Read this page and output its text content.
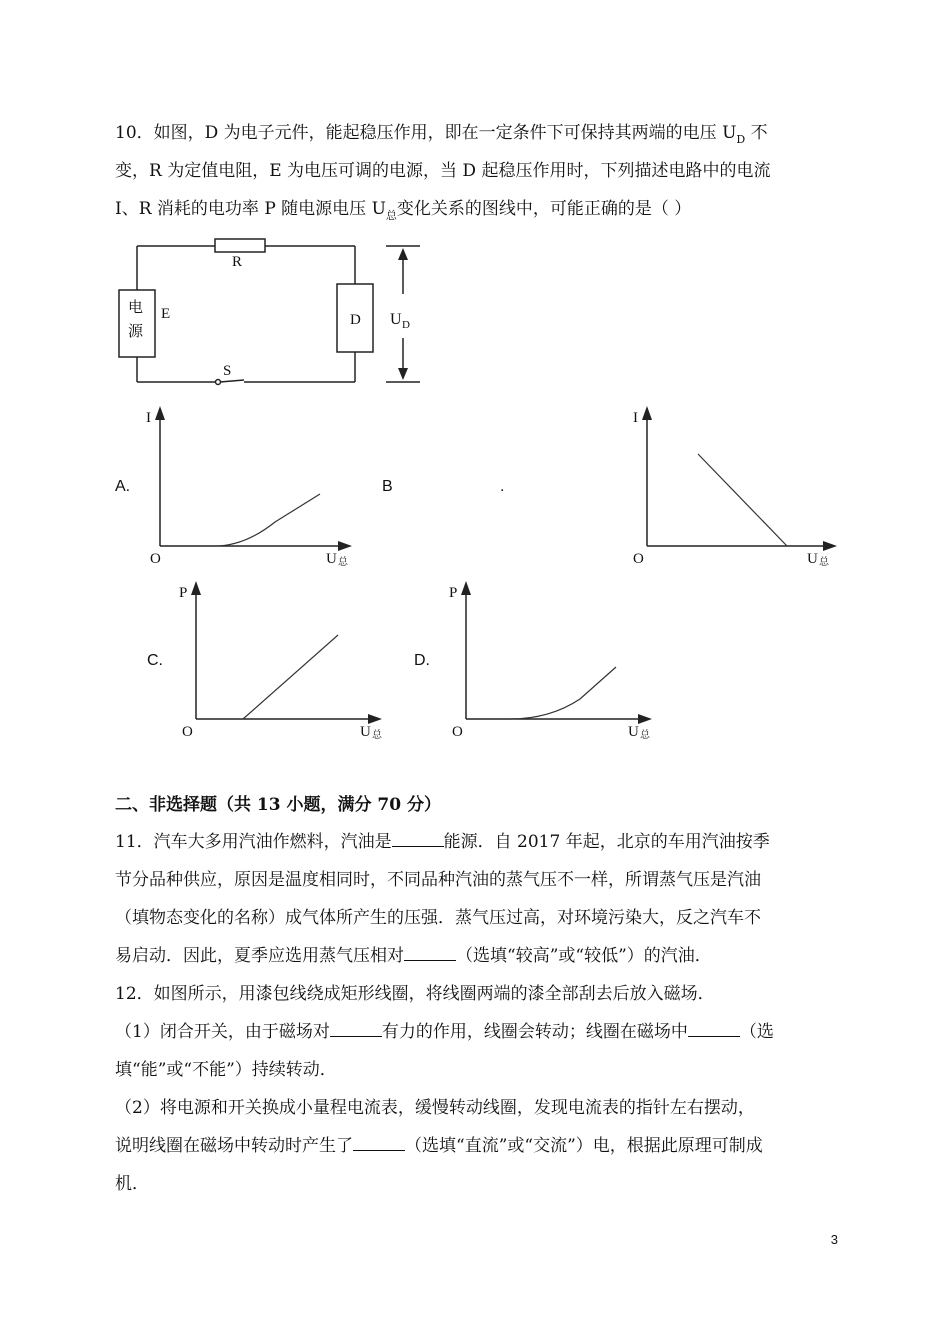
10．如图，D 为电子元件，能起稳压作用，即在一定条件下可保持其两端的电压 $U_D$ 不
变，R 为定值电阻，E 为电压可调的电源，当 D 起稳压作用时，下列描述电路中的电流
I、R 消耗的电功率 P 随电源电压 $U_总$变化关系的图线中，可能正确的是（ ）
R
电
源
E	D U D
S
A.	B	.
C.	D.
I
O	U 总
I
O	U 总
P
O	U 总
P
O	U 总
二、非选择题（共 13 小题，满分 70 分）
11．汽车大多用汽油作燃料，汽油是	能源．自 2017 年起，北京的车用汽油按季
节分品种供应，原因是温度相同时，不同品种汽油的蒸气压不一样，所谓蒸气压是汽油
（填物态变化的名称）成气体所产生的压强．蒸气压过高，对环境污染大，反之汽车不
易启动．因此，夏季应选用蒸气压相对	（选填“较高”或“较低”）的汽油．
12．如图所示，用漆包线绕成矩形线圈，将线圈两端的漆全部刮去后放入磁场．
（1）闭合开关，由于磁场对	有力的作用，线圈会转动；线圈在磁场中	（选
填“能”或“不能”）持续转动．
（2）将电源和开关换成小量程电流表，缓慢转动线圈，发现电流表的指针左右摆动，
说明线圈在磁场中转动时产生了	（选填“直流”或“交流”）电，根据此原理可制成
机．
3
